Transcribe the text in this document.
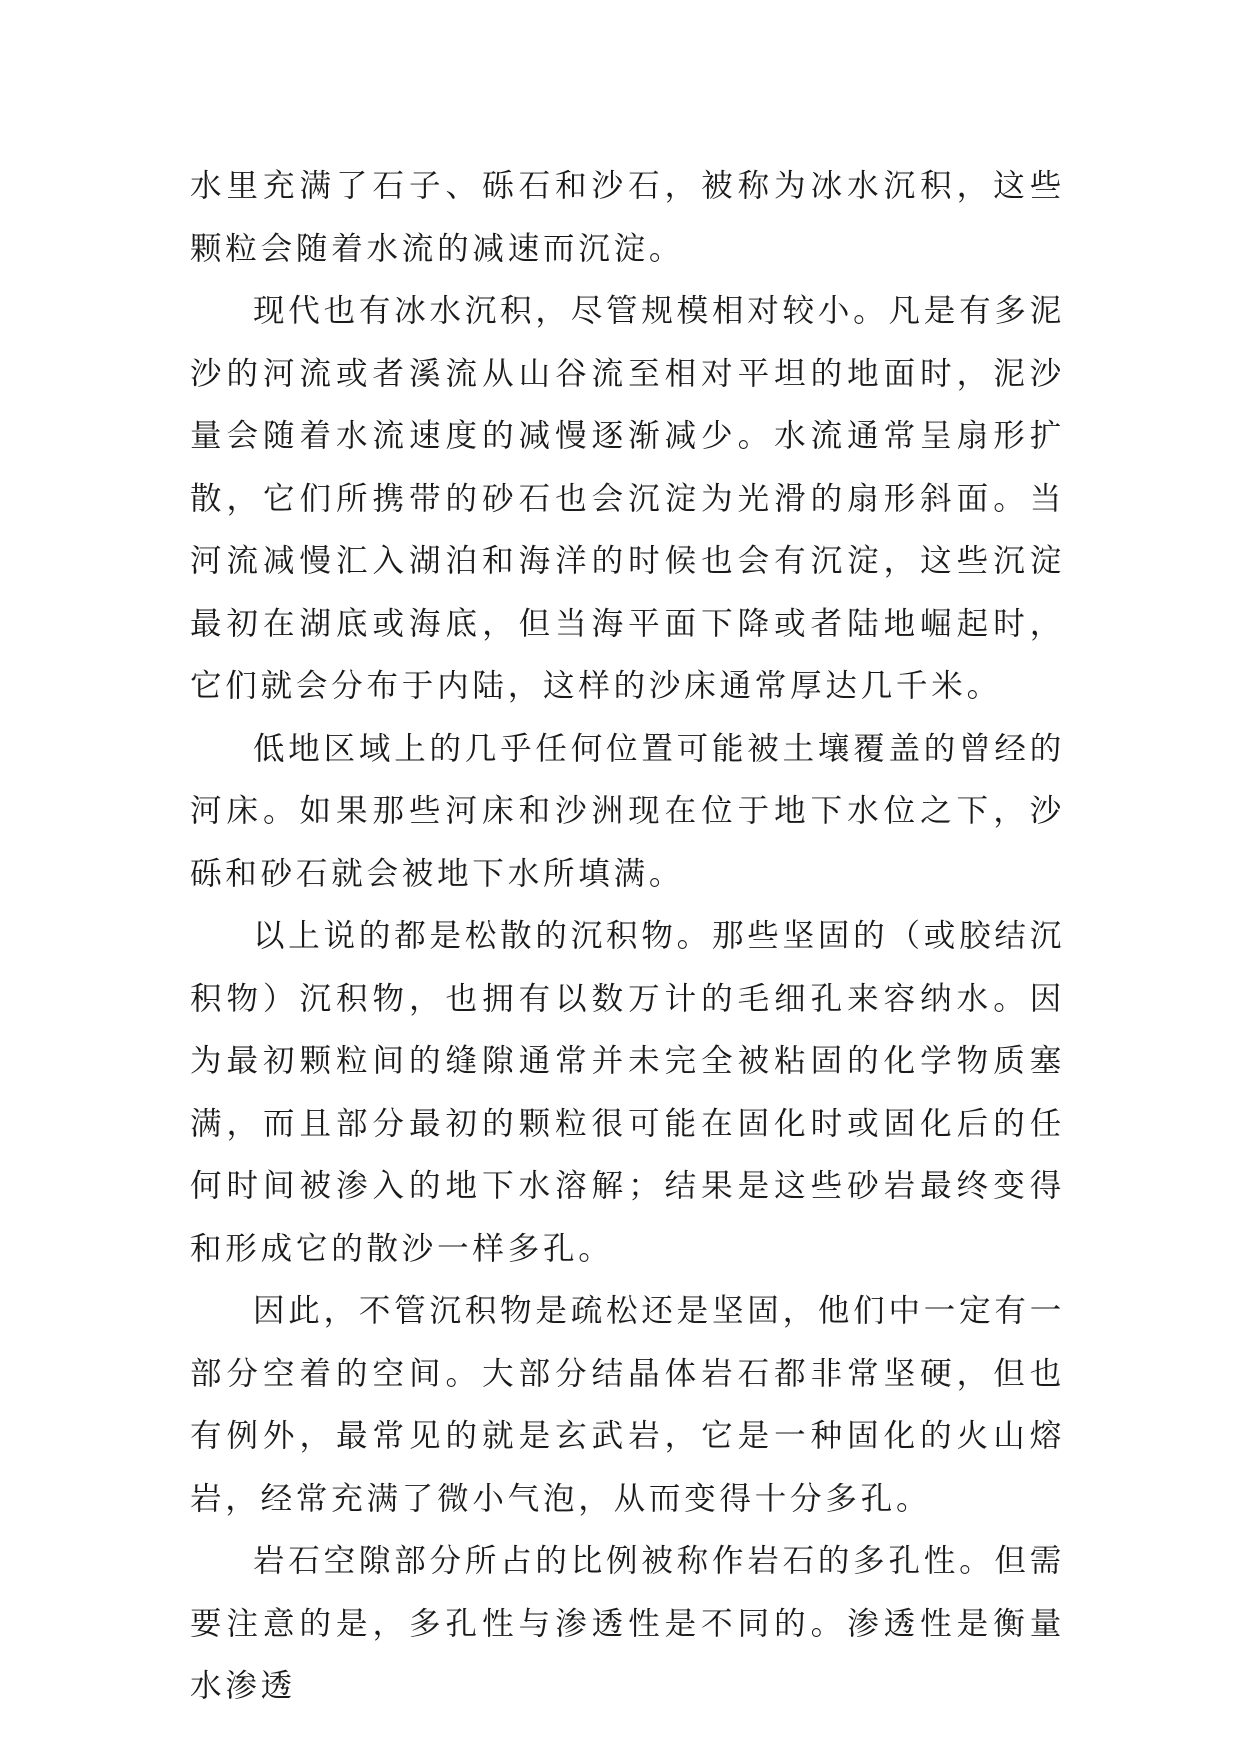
水里充满了石子、砾石和沙石，被称为冰水沉积，这些颗粒会随着水流的减速而沉淀。

现代也有冰水沉积，尽管规模相对较小。凡是有多泥沙的河流或者溪流从山谷流至相对平坦的地面时，泥沙量会随着水流速度的减慢逐渐减少。水流通常呈扇形扩散，它们所携带的砂石也会沉淀为光滑的扇形斜面。当河流减慢汇入湖泊和海洋的时候也会有沉淀，这些沉淀最初在湖底或海底，但当海平面下降或者陆地崛起时，它们就会分布于内陆，这样的沙床通常厚达几千米。

低地区域上的几乎任何位置可能被土壤覆盖的曾经的河床。如果那些河床和沙洲现在位于地下水位之下，沙砾和砂石就会被地下水所填满。

以上说的都是松散的沉积物。那些坚固的（或胶结沉积物）沉积物，也拥有以数万计的毛细孔来容纳水。因为最初颗粒间的缝隙通常并未完全被粘固的化学物质塞满，而且部分最初的颗粒很可能在固化时或固化后的任何时间被渗入的地下水溶解；结果是这些砂岩最终变得和形成它的散沙一样多孔。

因此，不管沉积物是疏松还是坚固，他们中一定有一部分空着的空间。大部分结晶体岩石都非常坚硬，但也有例外，最常见的就是玄武岩，它是一种固化的火山熔岩，经常充满了微小气泡，从而变得十分多孔。

岩石空隙部分所占的比例被称作岩石的多孔性。但需要注意的是，多孔性与渗透性是不同的。渗透性是衡量水渗透
